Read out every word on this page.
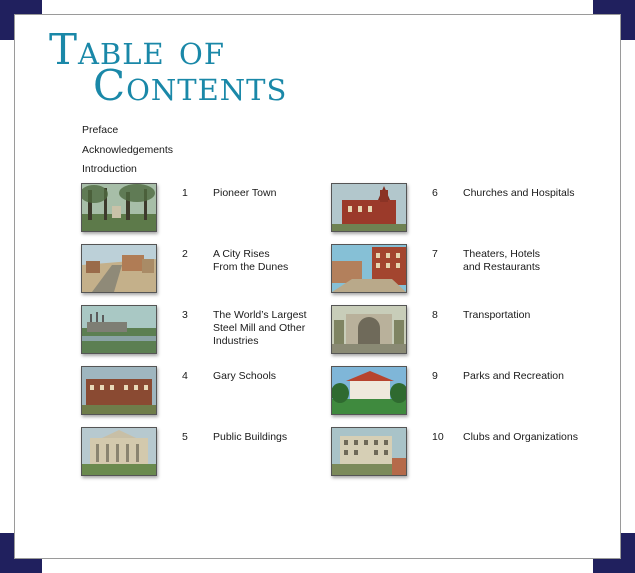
Table of
Contents
Preface
Acknowledgements
Introduction
1 Pioneer Town
2 A City Rises
From the Dunes
3 The World’s Largest
Steel Mill and Other
Industries
4 Gary Schools
5 Public Buildings
6 Churches and Hospitals
7 Theaters, Hotels
and Restaurants
8 Transportation
9 Parks and Recreation
10 Clubs and Organizations
